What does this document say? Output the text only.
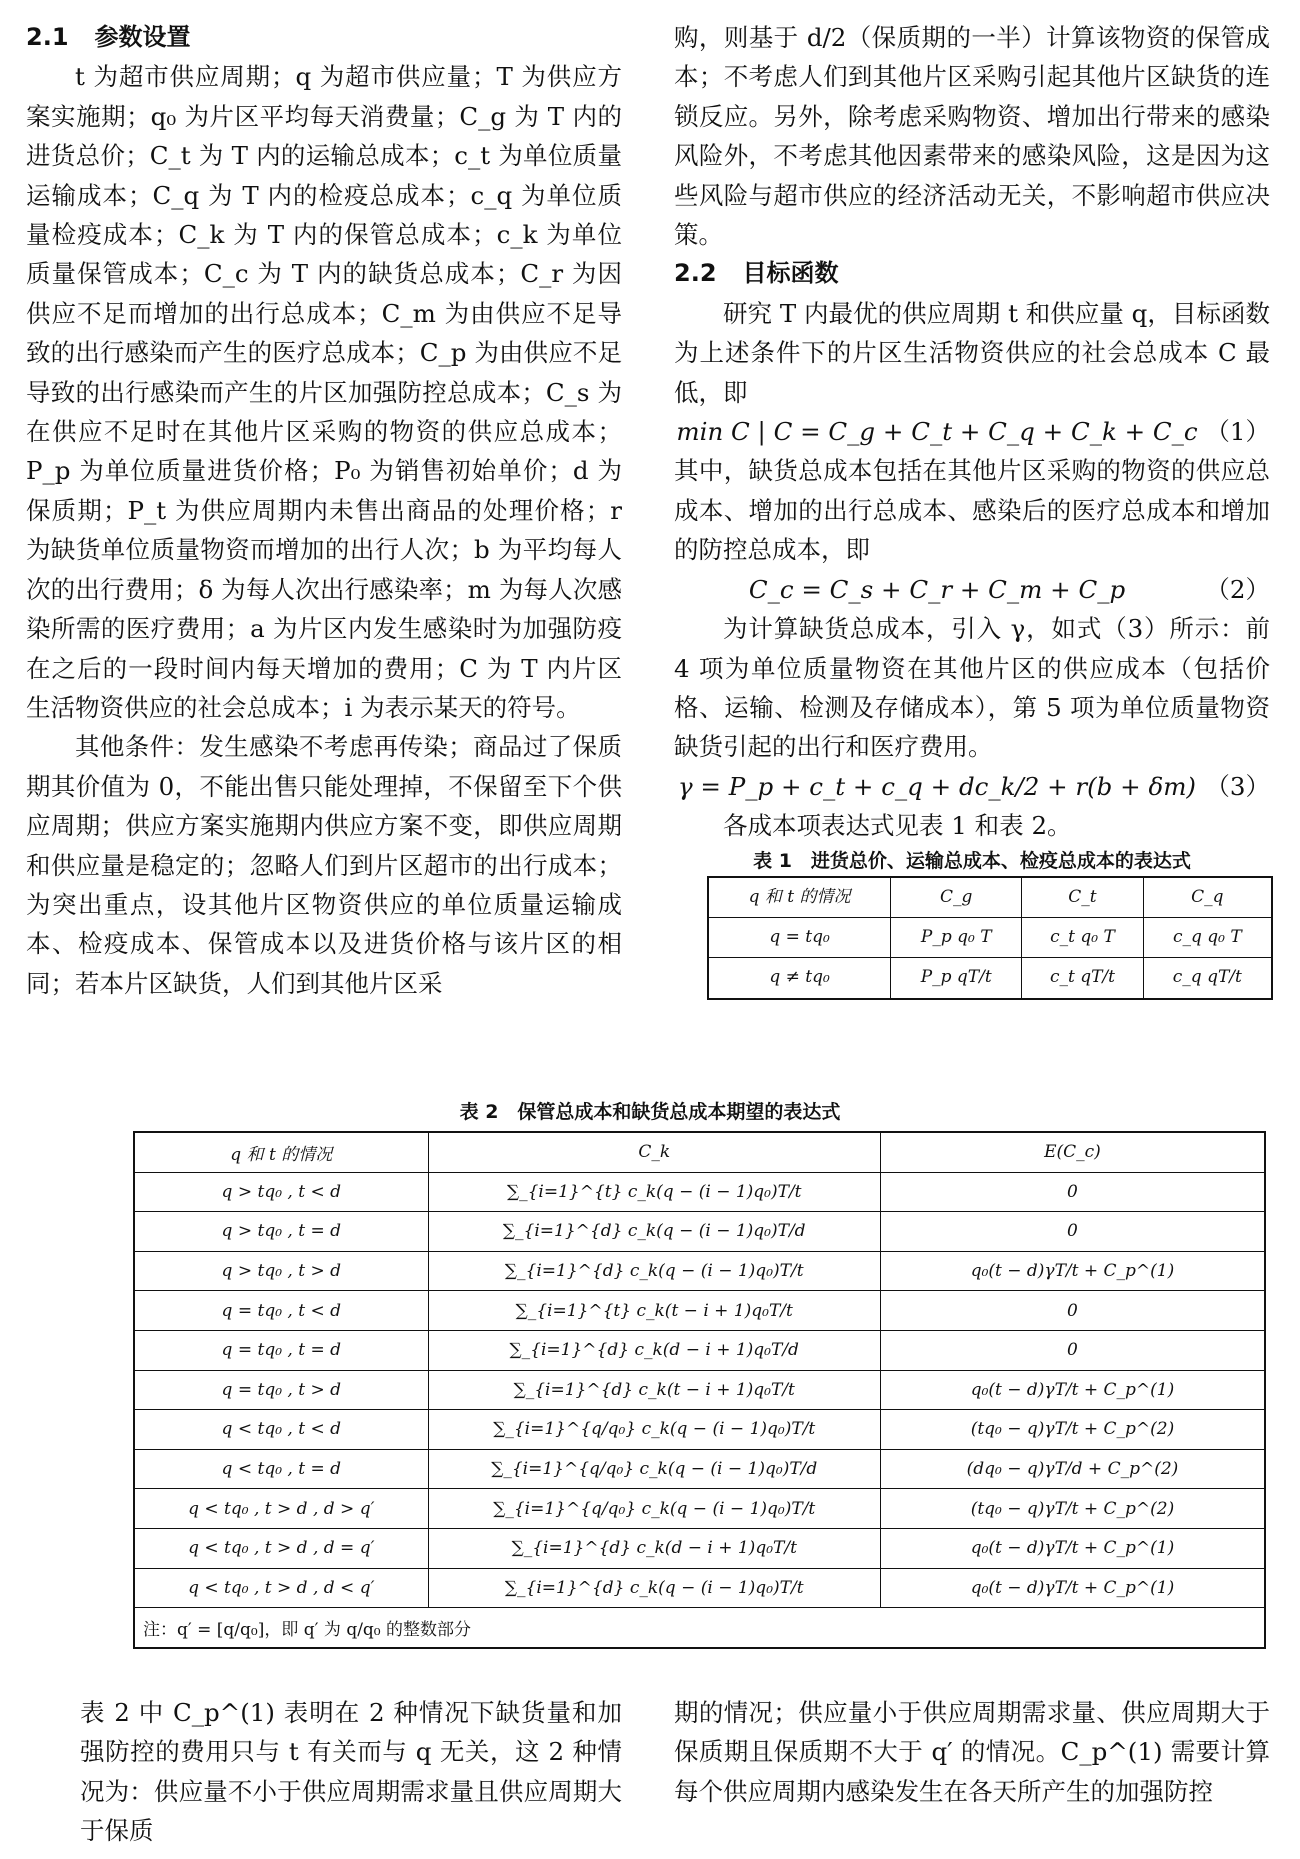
2.1 参数设置

t 为超市供应周期；q 为超市供应量；T 为供应方案实施期；q₀ 为片区平均每天消费量；C_g 为 T 内的进货总价；C_t 为 T 内的运输总成本；c_t 为单位质量运输成本；C_q 为 T 内的检疫总成本；c_q 为单位质量检疫成本；C_k 为 T 内的保管总成本；c_k 为单位质量保管成本；C_c 为 T 内的缺货总成本；C_r 为因供应不足而增加的出行总成本；C_m 为由供应不足导致的出行感染而产生的医疗总成本；C_p 为由供应不足导致的出行感染而产生的片区加强防控总成本；C_s 为在供应不足时在其他片区采购的物资的供应总成本；P_p 为单位质量进货价格；P₀ 为销售初始单价；d 为保质期；P_t 为供应周期内未售出商品的处理价格；r 为缺货单位质量物资而增加的出行人次；b 为平均每人次的出行费用；δ 为每人次出行感染率；m 为每人次感染所需的医疗费用；a 为片区内发生感染时为加强防疫在之后的一段时间内每天增加的费用；C 为 T 内片区生活物资供应的社会总成本；i 为表示某天的符号。

其他条件：发生感染不考虑再传染；商品过了保质期其价值为 0，不能出售只能处理掉，不保留至下个供应周期；供应方案实施期内供应方案不变，即供应周期和供应量是稳定的；忽略人们到片区超市的出行成本；为突出重点，设其他片区物资供应的单位质量运输成本、检疫成本、保管成本以及进货价格与该片区的相同；若本片区缺货，人们到其他片区采

购，则基于 d/2（保质期的一半）计算该物资的保管成本；不考虑人们到其他片区采购引起其他片区缺货的连锁反应。另外，除考虑采购物资、增加出行带来的感染风险外，不考虑其他因素带来的感染风险，这是因为这些风险与超市供应的经济活动无关，不影响超市供应决策。

2.2 目标函数

研究 T 内最优的供应周期 t 和供应量 q，目标函数为上述条件下的片区生活物资供应的社会总成本 C 最低，即

min C | C = C_g + C_t + C_q + C_k + C_c （1）

其中，缺货总成本包括在其他片区采购的物资的供应总成本、增加的出行总成本、感染后的医疗总成本和增加的防控总成本，即

C_c = C_s + C_r + C_m + C_p	（2）

为计算缺货总成本，引入 γ，如式（3）所示：前 4 项为单位质量物资在其他片区的供应成本（包括价格、运输、检测及存储成本），第 5 项为单位质量物资缺货引起的出行和医疗费用。

γ = P_p + c_t + c_q + dc_k/2 + r(b + δm) （3）

各成本项表达式见表 1 和表 2。

表 1　进货总价、运输总成本、检疫总成本的表达式
q 和 t 的情况	C_g	C_t	C_q
q = tq₀	P_p q₀ T	c_t q₀ T	c_q q₀ T
q ≠ tq₀	P_p qT/t	c_t qT/t	c_q qT/t
表 2　保管总成本和缺货总成本期望的表达式
q 和 t 的情况	C_k	E(C_c)
q > tq₀ , t < d	∑_{i=1}^{t} c_k(q − (i − 1)q₀)T/t	0
q > tq₀ , t = d	∑_{i=1}^{d} c_k(q − (i − 1)q₀)T/d	0
q > tq₀ , t > d	∑_{i=1}^{d} c_k(q − (i − 1)q₀)T/t	q₀(t − d)γT/t + C_p^(1)
q = tq₀ , t < d	∑_{i=1}^{t} c_k(t − i + 1)q₀T/t	0
q = tq₀ , t = d	∑_{i=1}^{d} c_k(d − i + 1)q₀T/d	0
q = tq₀ , t > d	∑_{i=1}^{d} c_k(t − i + 1)q₀T/t	q₀(t − d)γT/t + C_p^(1)
q < tq₀ , t < d	∑_{i=1}^{q/q₀} c_k(q − (i − 1)q₀)T/t	(tq₀ − q)γT/t + C_p^(2)
q < tq₀ , t = d	∑_{i=1}^{q/q₀} c_k(q − (i − 1)q₀)T/d	(dq₀ − q)γT/d + C_p^(2)
q < tq₀ , t > d , d > q′	∑_{i=1}^{q/q₀} c_k(q − (i − 1)q₀)T/t	(tq₀ − q)γT/t + C_p^(2)
q < tq₀ , t > d , d = q′	∑_{i=1}^{d} c_k(d − i + 1)q₀T/t	q₀(t − d)γT/t + C_p^(1)
q < tq₀ , t > d , d < q′	∑_{i=1}^{d} c_k(q − (i − 1)q₀)T/t	q₀(t − d)γT/t + C_p^(1)
注：q′ = [q/q₀]，即 q′ 为 q/q₀ 的整数部分		

表 2 中 C_p^(1) 表明在 2 种情况下缺货量和加强防控的费用只与 t 有关而与 q 无关，这 2 种情况为：供应量不小于供应周期需求量且供应周期大于保质

期的情况；供应量小于供应周期需求量、供应周期大于保质期且保质期不大于 q′ 的情况。C_p^(1) 需要计算每个供应周期内感染发生在各天所产生的加强防控
